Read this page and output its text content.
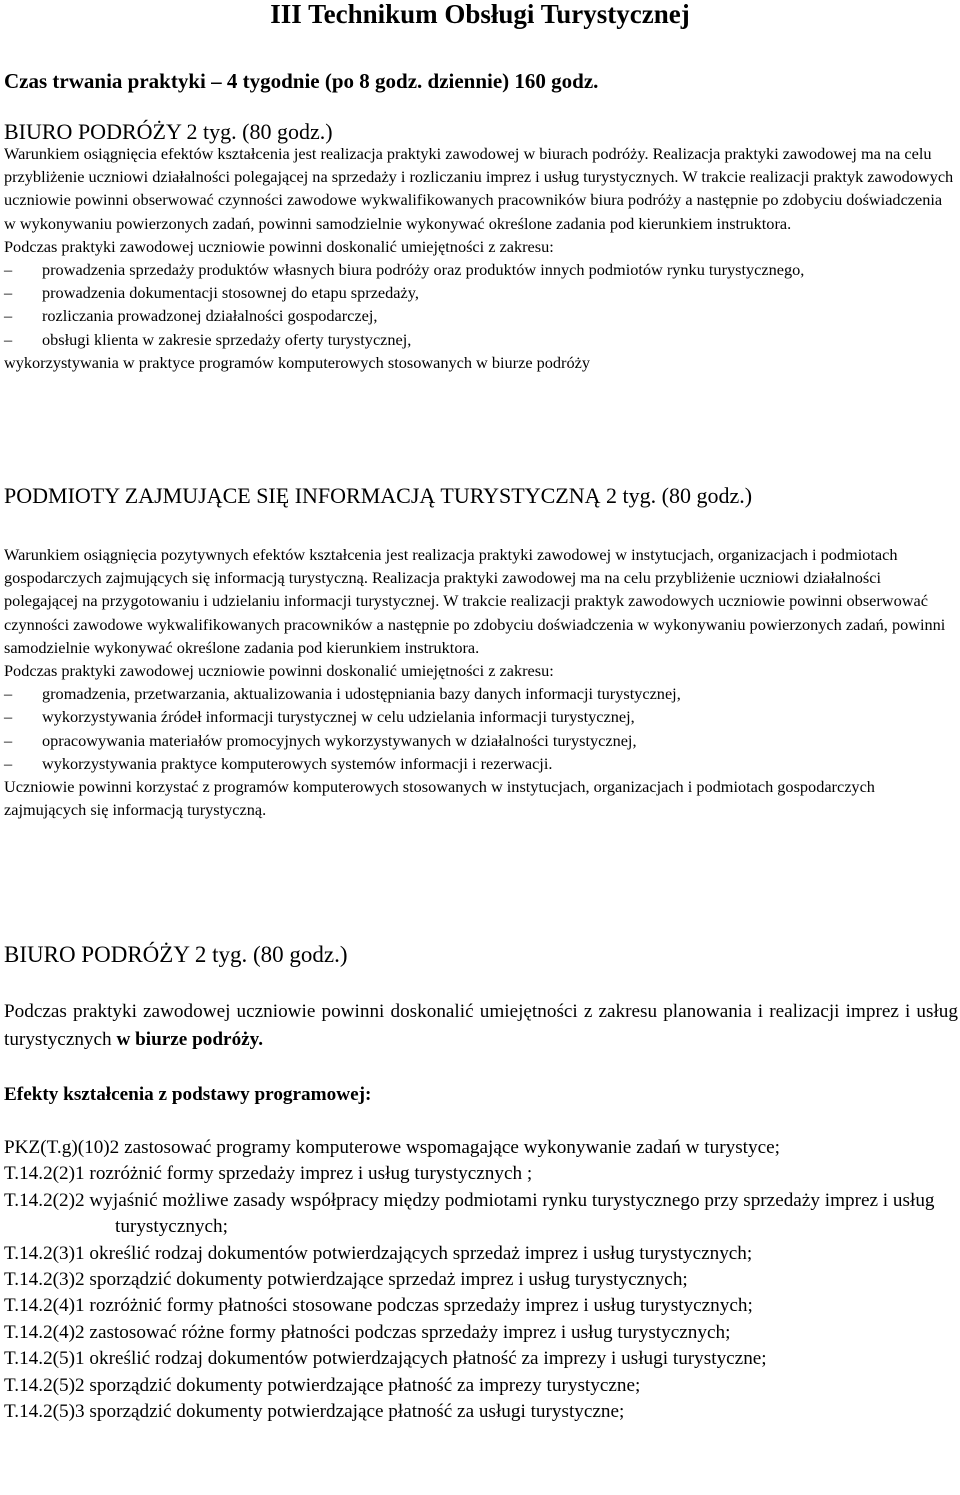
III Technikum Obsługi Turystycznej

Czas trwania praktyki – 4 tygodnie (po 8 godz. dziennie) 160 godz.

BIURO PODRÓŻY 2 tyg. (80 godz.)

Warunkiem osiągnięcia efektów kształcenia jest realizacja praktyki zawodowej w biurach podróży. Realizacja praktyki zawodowej ma na celu przybliżenie uczniowi działalności polegającej na sprzedaży i rozliczaniu imprez i usług turystycznych. W trakcie realizacji praktyk zawodowych uczniowie powinni obserwować czynności zawodowe wykwalifikowanych pracowników biura podróży a następnie po zdobyciu doświadczenia w wykonywaniu powierzonych zadań, powinni samodzielnie wykonywać określone zadania pod kierunkiem instruktora.

Podczas praktyki zawodowej uczniowie powinni doskonalić umiejętności z zakresu:

– prowadzenia sprzedaży produktów własnych biura podróży oraz produktów innych podmiotów rynku turystycznego,
– prowadzenia dokumentacji stosownej do etapu sprzedaży,
– rozliczania prowadzonej działalności gospodarczej,
– obsługi klienta w zakresie sprzedaży oferty turystycznej,

wykorzystywania w praktyce programów komputerowych stosowanych w biurze podróży

PODMIOTY ZAJMUJĄCE SIĘ INFORMACJĄ TURYSTYCZNĄ 2 tyg. (80 godz.)

Warunkiem osiągnięcia pozytywnych efektów kształcenia jest realizacja praktyki zawodowej w instytucjach, organizacjach i podmiotach gospodarczych zajmujących się informacją turystyczną. Realizacja praktyki zawodowej ma na celu przybliżenie uczniowi działalności polegającej na przygotowaniu i udzielaniu informacji turystycznej. W trakcie realizacji praktyk zawodowych uczniowie powinni obserwować czynności zawodowe wykwalifikowanych pracowników a następnie po zdobyciu doświadczenia w wykonywaniu powierzonych zadań, powinni samodzielnie wykonywać określone zadania pod kierunkiem instruktora.

Podczas praktyki zawodowej uczniowie powinni doskonalić umiejętności z zakresu:

– gromadzenia, przetwarzania, aktualizowania i udostępniania bazy danych informacji turystycznej,
– wykorzystywania źródeł informacji turystycznej w celu udzielania informacji turystycznej,
– opracowywania materiałów promocyjnych wykorzystywanych w działalności turystycznej,
– wykorzystywania praktyce komputerowych systemów informacji i rezerwacji.

Uczniowie powinni korzystać z programów komputerowych stosowanych w instytucjach, organizacjach i podmiotach gospodarczych zajmujących się informacją turystyczną.

BIURO PODRÓŻY 2 tyg. (80 godz.)

Podczas praktyki zawodowej uczniowie powinni doskonalić umiejętności z zakresu planowania i realizacji imprez i usług turystycznych w biurze podróży.

Efekty kształcenia z podstawy programowej:

PKZ(T.g)(10)2 zastosować programy komputerowe wspomagające wykonywanie zadań w turystyce;
T.14.2(2)1 rozróżnić formy sprzedaży imprez i usług turystycznych ;
T.14.2(2)2 wyjaśnić możliwe zasady współpracy między podmiotami rynku turystycznego przy sprzedaży imprez i usług turystycznych;
T.14.2(3)1 określić rodzaj dokumentów potwierdzających sprzedaż imprez i usług turystycznych;
T.14.2(3)2 sporządzić dokumenty potwierdzające sprzedaż imprez i usług turystycznych;
T.14.2(4)1 rozróżnić formy płatności stosowane podczas sprzedaży imprez i usług turystycznych;
T.14.2(4)2 zastosować różne formy płatności podczas sprzedaży imprez i usług turystycznych;
T.14.2(5)1 określić rodzaj dokumentów potwierdzających płatność za imprezy i usługi turystyczne;
T.14.2(5)2 sporządzić dokumenty potwierdzające płatność za imprezy turystyczne;
T.14.2(5)3 sporządzić dokumenty potwierdzające płatność za usługi turystyczne;
